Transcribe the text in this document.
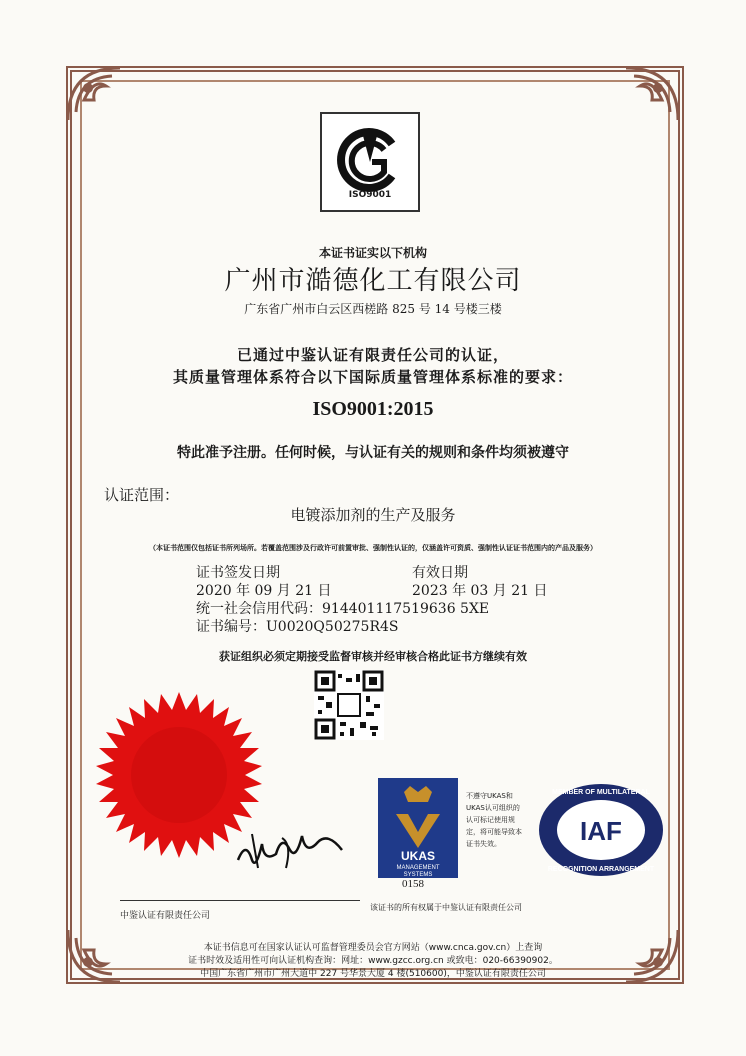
ISO9001
本证书证实以下机构
广州市澔德化工有限公司
广东省广州市白云区西槎路 825 号 14 号楼三楼
已通过中鉴认证有限责任公司的认证，
其质量管理体系符合以下国际质量管理体系标准的要求：
ISO9001:2015
特此准予注册。任何时候，与认证有关的规则和条件均须被遵守
认证范围：
电镀添加剂的生产及服务
（本证书范围仅包括证书所列场所。若覆盖范围涉及行政许可前置审批、强制性认证的，仅涵盖许可资质、强制性认证证书范围内的产品及服务）
证书签发日期	有效日期
2020 年 09 月 21 日	2023 年 03 月 21 日
统一社会信用代码：914401117519636 5XE
证书编号：U0020Q50275R4S
获证组织必须定期接受监督审核并经审核合格此证书方继续有效
中鉴认证有限责任公司
UKAS
MANAGEMENT
SYSTEMS
0158
不遵守UKAS和UKAS认可组织的认可标记使用规定，将可能导致本证书失效。	IAF
MEMBER OF MULTILATERAL
RECOGNITION ARRANGEMENT
该证书的所有权属于中鉴认证有限责任公司
本证书信息可在国家认证认可监督管理委员会官方网站（www.cnca.gov.cn）上查询
证书时效及适用性可向认证机构查询：网址：www.gzcc.org.cn 或致电：020-66390902。
中国广东省广州市广州大道中 227 号华景大厦 4 楼(510600)，中鉴认证有限责任公司
